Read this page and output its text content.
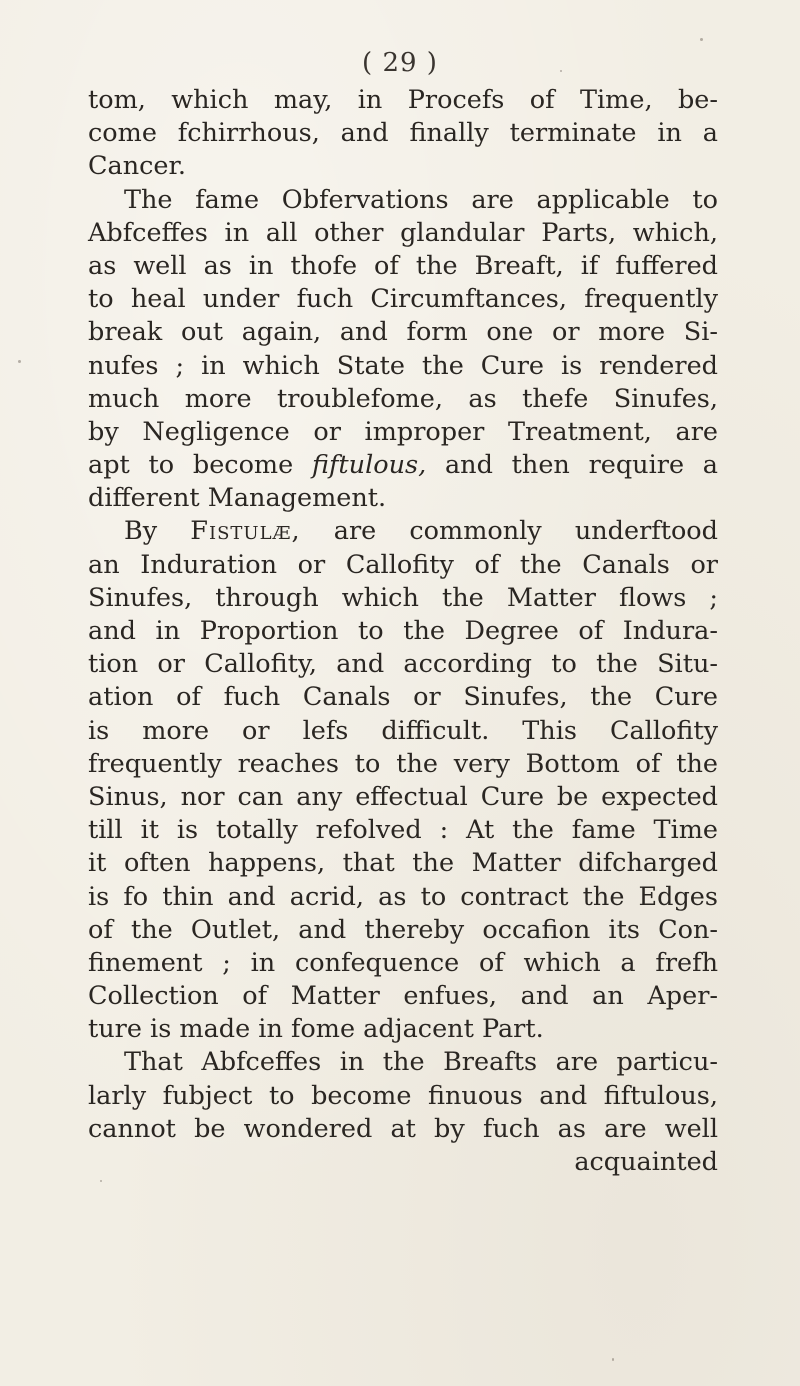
( 29 )
tom, which may, in Procefs of Time, be-
come fchirrhous, and finally terminate in a
Cancer.
The fame Obfervations are applicable to
Abfceffes in all other glandular Parts, which,
as well as in thofe of the Breaft, if fuffered
to heal under fuch Circumftances, frequently
break out again, and form one or more Si-
nufes ; in which State the Cure is rendered
much more troublefome, as thefe Sinufes,
by Negligence or improper Treatment, are
apt to become fiftulous, and then require a
different Management.
By Fistulæ, are commonly underftood
an Induration or Callofity of the Canals or
Sinufes, through which the Matter flows ;
and in Proportion to the Degree of Indura-
tion or Callofity, and according to the Situ-
ation of fuch Canals or Sinufes, the Cure
is more or lefs difficult. This Callofity
frequently reaches to the very Bottom of the
Sinus, nor can any effectual Cure be expected
till it is totally refolved : At the fame Time
it often happens, that the Matter difcharged
is fo thin and acrid, as to contract the Edges
of the Outlet, and thereby occafion its Con-
finement ; in confequence of which a frefh
Collection of Matter enfues, and an Aper-
ture is made in fome adjacent Part.
That Abfceffes in the Breafts are particu-
larly fubject to become finuous and fiftulous,
cannot be wondered at by fuch as are well
acquainted
